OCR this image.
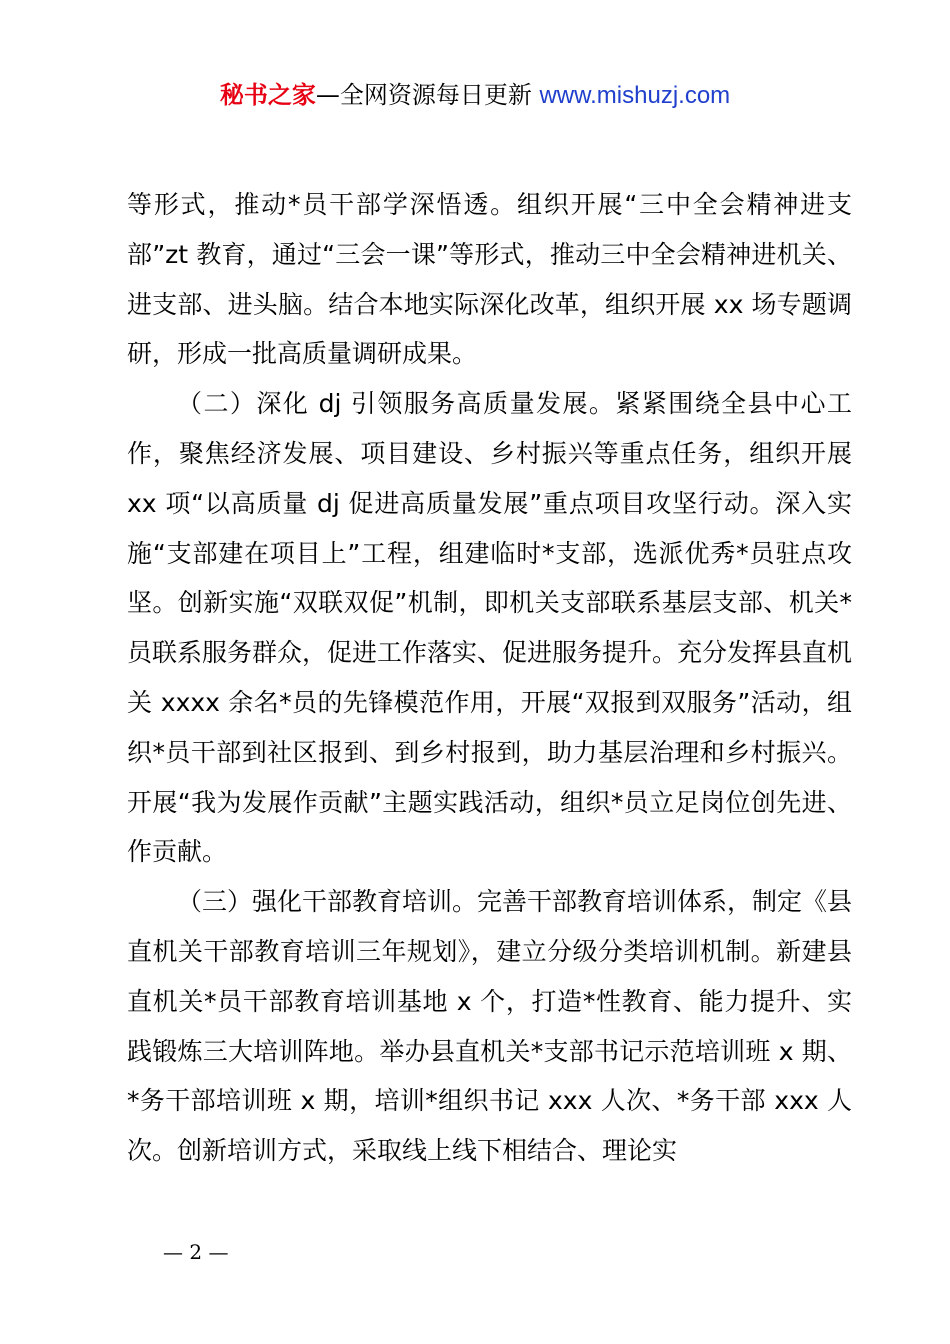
秘书之家—全网资源每日更新 www.mishuzj.com

等形式，推动*员干部学深悟透。组织开展“三中全会精神进支部”zt 教育，通过“三会一课”等形式，推动三中全会精神进机关、进支部、进头脑。结合本地实际深化改革，组织开展 xx 场专题调研，形成一批高质量调研成果。

（二）深化 dj 引领服务高质量发展。紧紧围绕全县中心工作，聚焦经济发展、项目建设、乡村振兴等重点任务，组织开展 xx 项“以高质量 dj 促进高质量发展”重点项目攻坚行动。深入实施“支部建在项目上”工程，组建临时*支部，选派优秀*员驻点攻坚。创新实施“双联双促”机制，即机关支部联系基层支部、机关*员联系服务群众，促进工作落实、促进服务提升。充分发挥县直机关 xxxx 余名*员的先锋模范作用，开展“双报到双服务”活动，组织*员干部到社区报到、到乡村报到，助力基层治理和乡村振兴。开展“我为发展作贡献”主题实践活动，组织*员立足岗位创先进、作贡献。

（三）强化干部教育培训。完善干部教育培训体系，制定《县直机关干部教育培训三年规划》，建立分级分类培训机制。新建县直机关*员干部教育培训基地 x 个，打造*性教育、能力提升、实践锻炼三大培训阵地。举办县直机关*支部书记示范培训班 x 期、*务干部培训班 x 期，培训*组织书记 xxx 人次、*务干部 xxx 人次。创新培训方式，采取线上线下相结合、理论实

— 2 —
